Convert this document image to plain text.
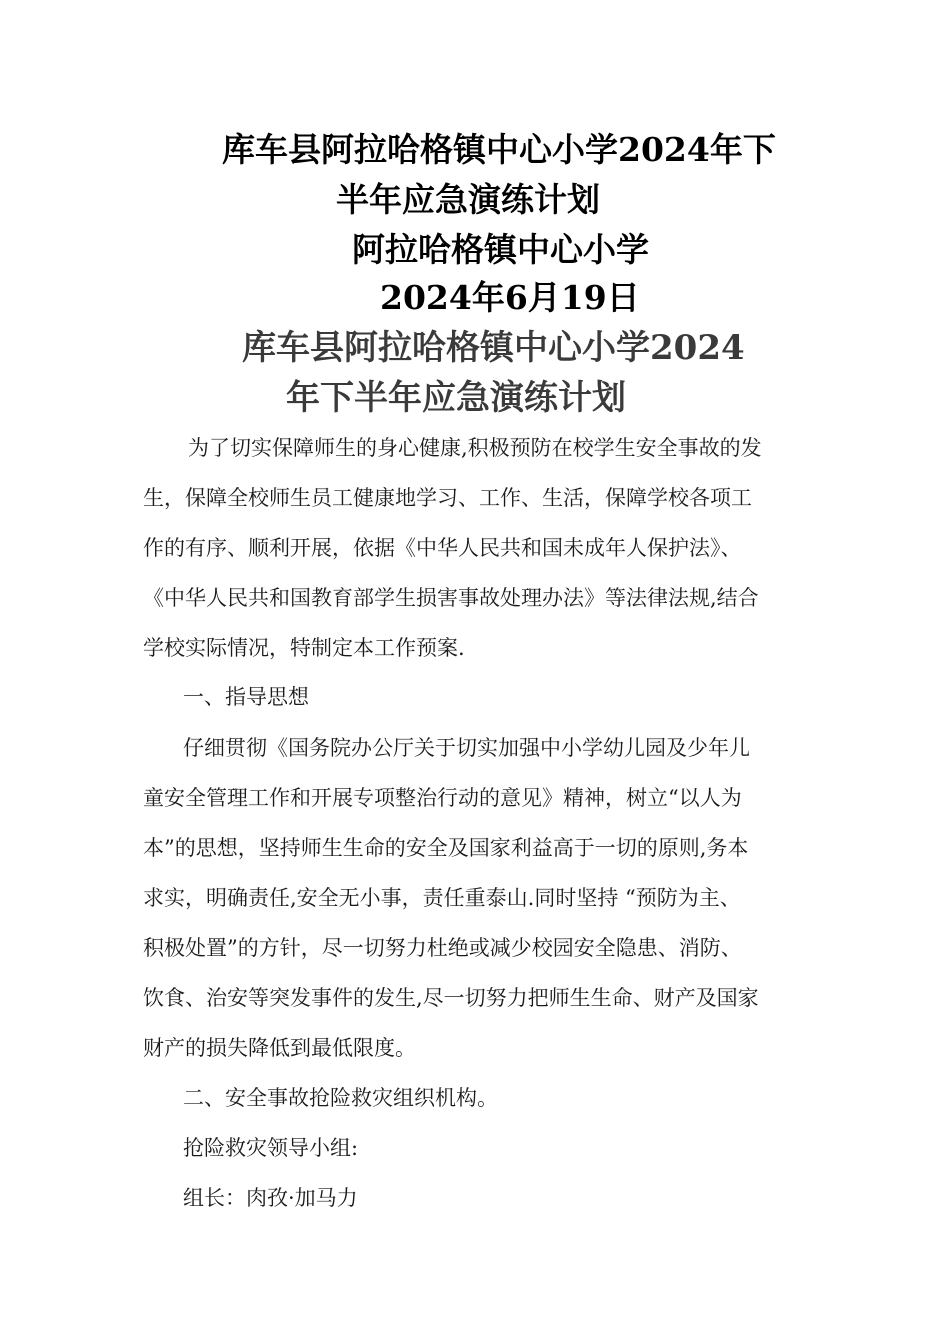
库车县阿拉哈格镇中心小学2024年下
半年应急演练计划
阿拉哈格镇中心小学
2024年6月19日
库车县阿拉哈格镇中心小学2024
年下半年应急演练计划
为了切实保障师生的身心健康,积极预防在校学生安全事故的发
生，保障全校师生员工健康地学习、工作、生活，保障学校各项工
作的有序、顺利开展，依据《中华人民共和国未成年人保护法》、
《中华人民共和国教育部学生损害事故处理办法》等法律法规,结合
学校实际情况，特制定本工作预案.
一、指导思想
仔细贯彻《国务院办公厅关于切实加强中小学幼儿园及少年儿
童安全管理工作和开展专项整治行动的意见》精神，树立“以人为
本”的思想，坚持师生生命的安全及国家利益高于一切的原则,务本
求实，明确责任,安全无小事，责任重泰山.同时坚持 “预防为主、
积极处置”的方针，尽一切努力杜绝或减少校园安全隐患、消防、
饮食、治安等突发事件的发生,尽一切努力把师生生命、财产及国家
财产的损失降低到最低限度。
二、安全事故抢险救灾组织机构。
抢险救灾领导小组:
组长：肉孜·加马力
